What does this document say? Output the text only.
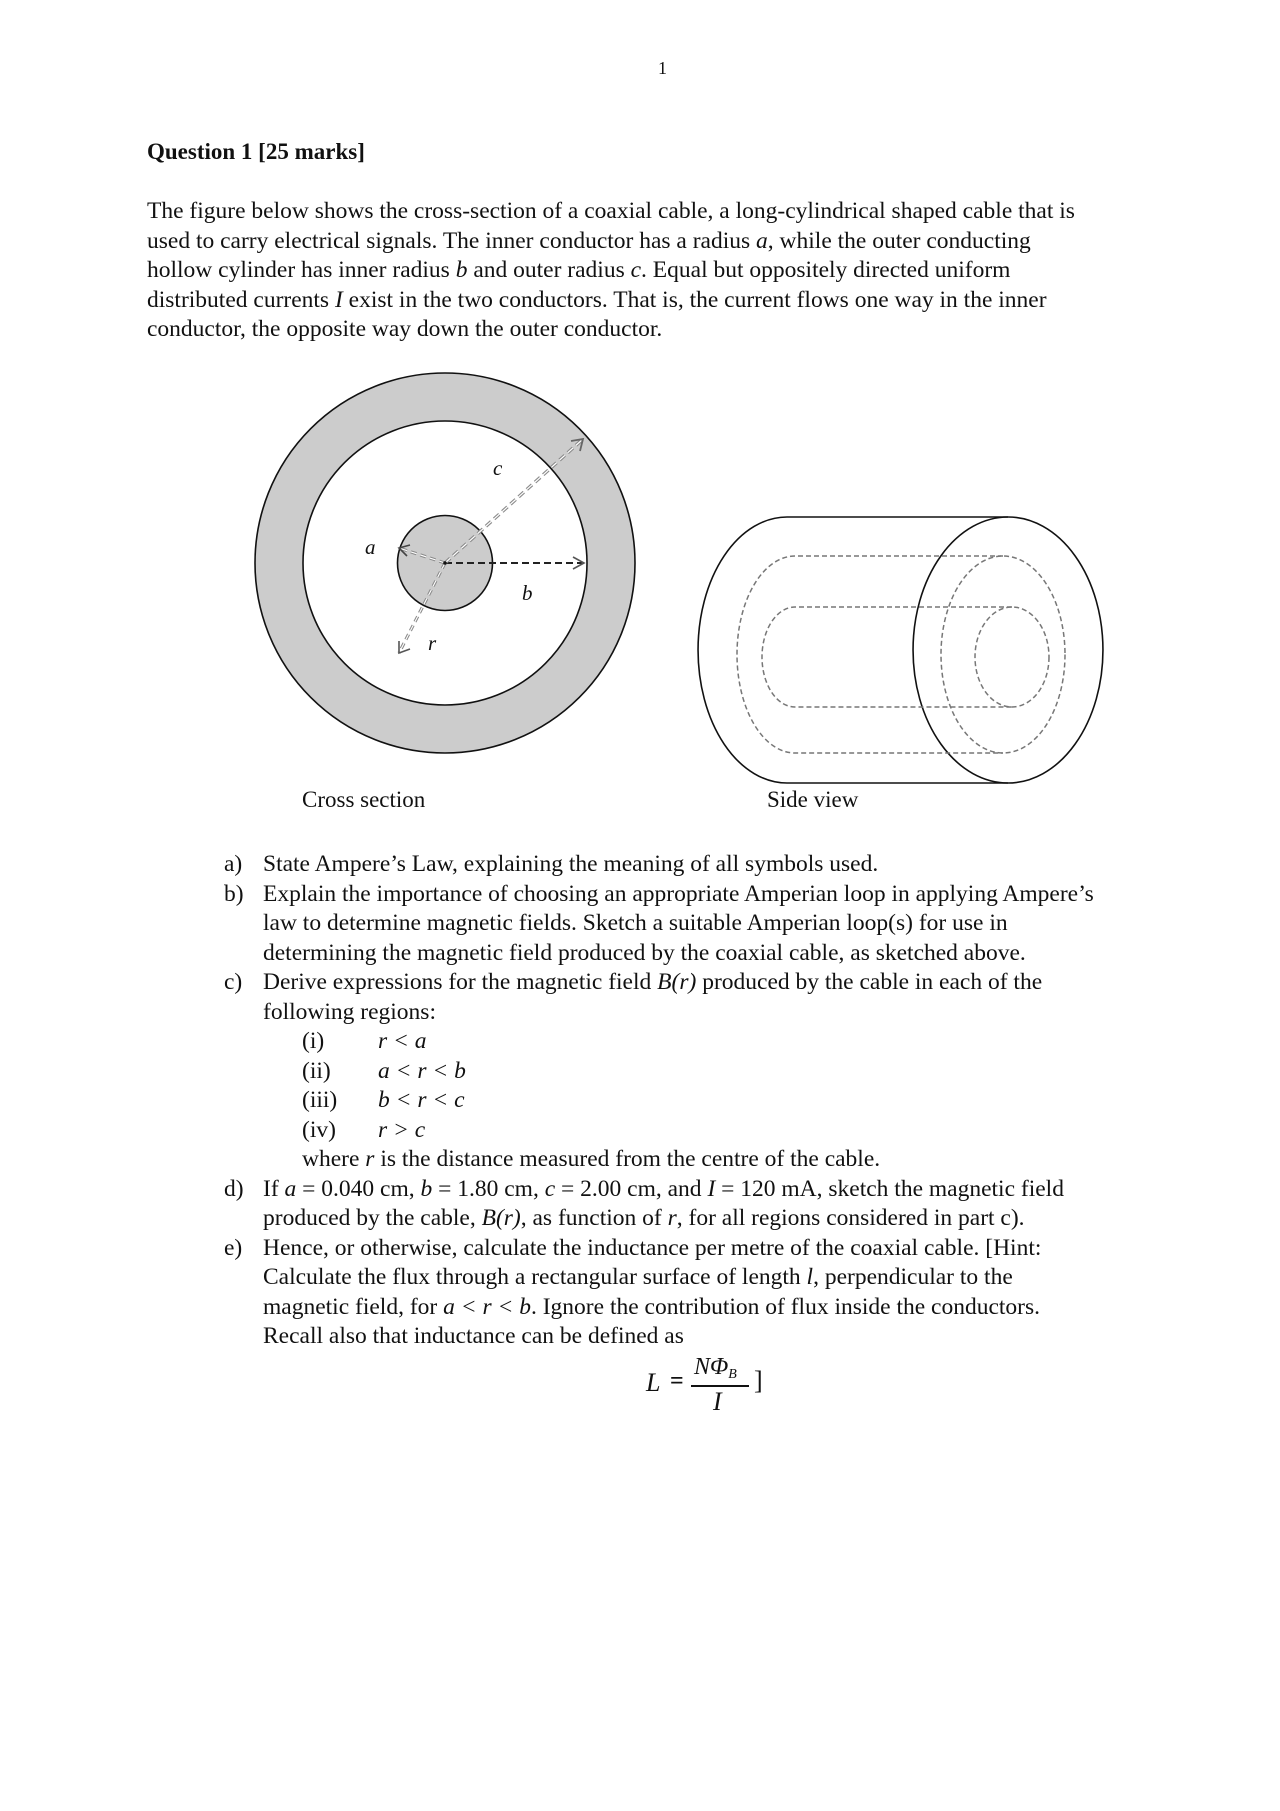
1
Question 1 [25 marks]
The figure below shows the cross-section of a coaxial cable, a long-cylindrical shaped cable that is
used to carry electrical signals. The inner conductor has a radius a, while the outer conducting
hollow cylinder has inner radius b and outer radius c. Equal but oppositely directed uniform
distributed currents I exist in the two conductors. That is, the current flows one way in the inner
conductor, the opposite way down the outer conductor.
a
b
c
r
Cross section	Side view
a) State Ampere’s Law, explaining the meaning of all symbols used.
b) Explain the importance of choosing an appropriate Amperian loop in applying Ampere’s
law to determine magnetic fields. Sketch a suitable Amperian loop(s) for use in
determining the magnetic field produced by the coaxial cable, as sketched above.
c) Derive expressions for the magnetic field B(r) produced by the cable in each of the
following regions:
(i) r < a
(ii) a < r < b
(iii) b < r < c
(iv) r > c
where r is the distance measured from the centre of the cable.
d) If a = 0.040 cm, b = 1.80 cm, c = 2.00 cm, and I = 120 mA, sketch the magnetic field
produced by the cable, B(r), as function of r, for all regions considered in part c).
e) Hence, or otherwise, calculate the inductance per metre of the coaxial cable. [Hint:
Calculate the flux through a rectangular surface of length l, perpendicular to the
magnetic field, for a < r < b. Ignore the contribution of flux inside the conductors.
Recall also that inductance can be defined as
L =
$N\Phi_B$
I
]
